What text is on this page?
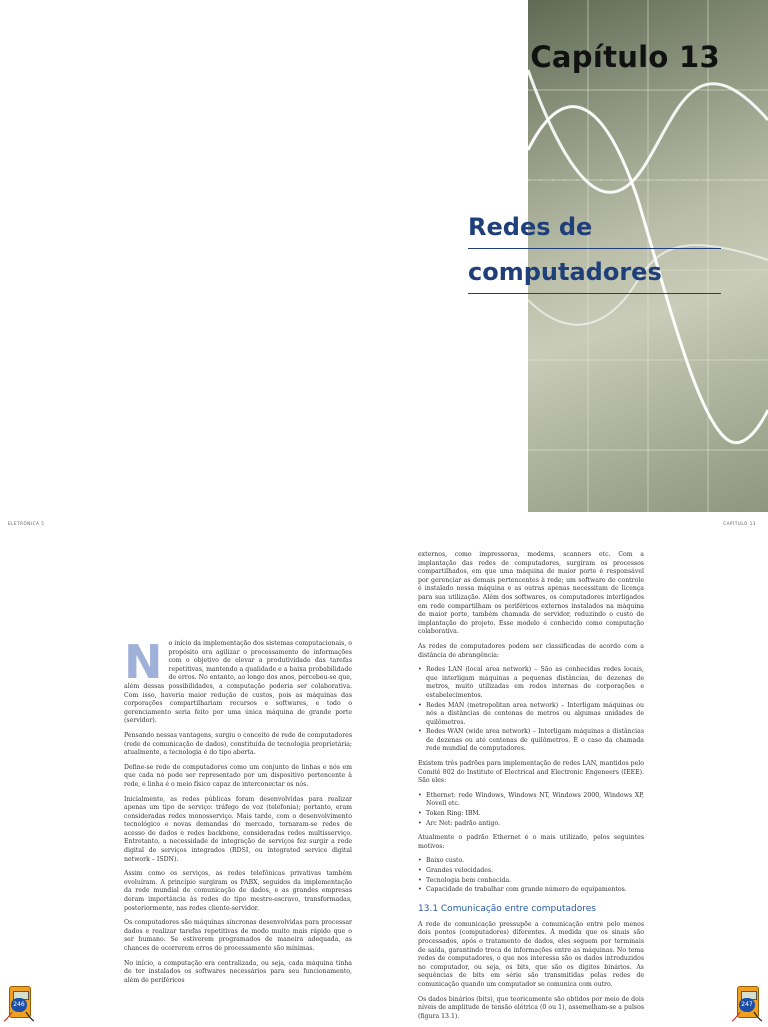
Capítulo 13
Redes de
computadores
ELETRÔNICA 5	CAPÍTULO 13

N o início da implementação dos sistemas computacionais, o propósito era agilizar o processamento de informações com o objetivo de elevar a produtividade das tarefas repetitivas, mantendo a qualidade e a baixa probabilidade de erros. No entanto, ao longo dos anos, percebeu-se que, além dessas possibilidades, a computação poderia ser colaborativa. Com isso, haveria maior redução de custos, pois as máquinas das corporações compartilhariam recursos e softwares, e todo o gerenciamento seria feito por uma única máquina de grande porte (servidor).

Pensando nessas vantagens, surgiu o conceito de rede de computadores (rede de comunicação de dados), constituída de tecnologia proprietária; atualmente, a tecnologia é do tipo aberta.

Define-se rede de computadores como um conjunto de linhas e nós em que cada nó pode ser representado por um dispositivo pertencente à rede, e linha é o meio físico capaz de interconectar os nós.

Inicialmente, as redes públicas foram desenvolvidas para realizar apenas um tipo de serviço: tráfego de voz (telefonia); portanto, eram consideradas redes monosserviço. Mais tarde, com o desenvolvimento tecnológico e novas demandas do mercado, tornaram-se redes de acesso de dados e redes backbone, consideradas redes multisserviço. Entretanto, a necessidade de integração de serviços fez surgir a rede digital de serviços integrados (RDSI, ou integrated service digital network – ISDN).

Assim como os serviços, as redes telefônicas privativas também evoluíram. A princípio surgiram os PABX, seguidos da implementação da rede mundial de comunicação de dados, e as grandes empresas deram importância às redes do tipo mestre-escravo, transformadas, posteriormente, nas redes cliente-servidor.

Os computadores são máquinas síncronas desenvolvidas para processar dados e realizar tarefas repetitivas de modo muito mais rápido que o ser humano. Se estiverem programados de maneira adequada, as chances de ocorrerem erros de processamento são mínimas.

No início, a computação era centralizada, ou seja, cada máquina tinha de ter instalados os softwares necessários para seu funcionamento, além de periféricos

externos, como impressoras, modems, scanners etc. Com a implantação das redes de computadores, surgiram os processos compartilhados, em que uma máquina de maior porte é responsável por gerenciar as demais pertencentes à rede; um software de controle é instalado nessa máquina e as outras apenas necessitam de licença para sua utilização. Além dos softwares, os computadores interligados em rede compartilham os periféricos externos instalados na máquina de maior porte, também chamada de servidor, reduzindo o custo de implantação do projeto. Esse modelo é conhecido como computação colaborativa.

As redes de computadores podem ser classificadas de acordo com a distância de abrangência:

• Redes LAN (local area network) – São as conhecidas redes locais, que interligam máquinas a pequenas distâncias, de dezenas de metros, muito utilizadas em redes internas de corporações e estabelecimentos.
• Redes MAN (metropolitan area network) – Interligam máquinas ou nós a distâncias de centenas de metros ou algumas unidades de quilômetros.
• Redes WAN (wide area network) – Interligam máquinas a distâncias de dezenas ou até centenas de quilômetros. É o caso da chamada rede mundial de computadores.

Existem três padrões para implementação de redes LAN, mantidos pelo Comitê 802 do Institute of Electrical and Electronic Engeneers (IEEE). São eles:

• Ethernet: rede Windows, Windows NT, Windows 2000, Windows XP, Novell etc.
• Token Ring: IBM.
• Arc Net: padrão antigo.

Atualmente o padrão Ethernet é o mais utilizado, pelos seguintes motivos:

• Baixo custo.
• Grandes velocidades.
• Tecnologia bem conhecida.
• Capacidade de trabalhar com grande número de equipamentos.
13.1 Comunicação entre computadores

A rede de comunicação pressupõe a comunicação entre pelo menos dois pontos (computadores) diferentes. À medida que os sinais são processados, após o tratamento de dados, eles seguem por terminais de saída, garantindo troca de informações entre as máquinas. No tema redes de computadores, o que nos interessa são os dados introduzidos no computador, ou seja, os bits, que são os dígitos binários. As sequências de bits em série são transmitidas pelas redes de comunicação quando um computador se comunica com outro.

Os dados binários (bits), que teoricamente são obtidos por meio de dois níveis de amplitude de tensão elétrica (0 ou 1), assemelham-se a pulsos (figura 13.1).

246	247
